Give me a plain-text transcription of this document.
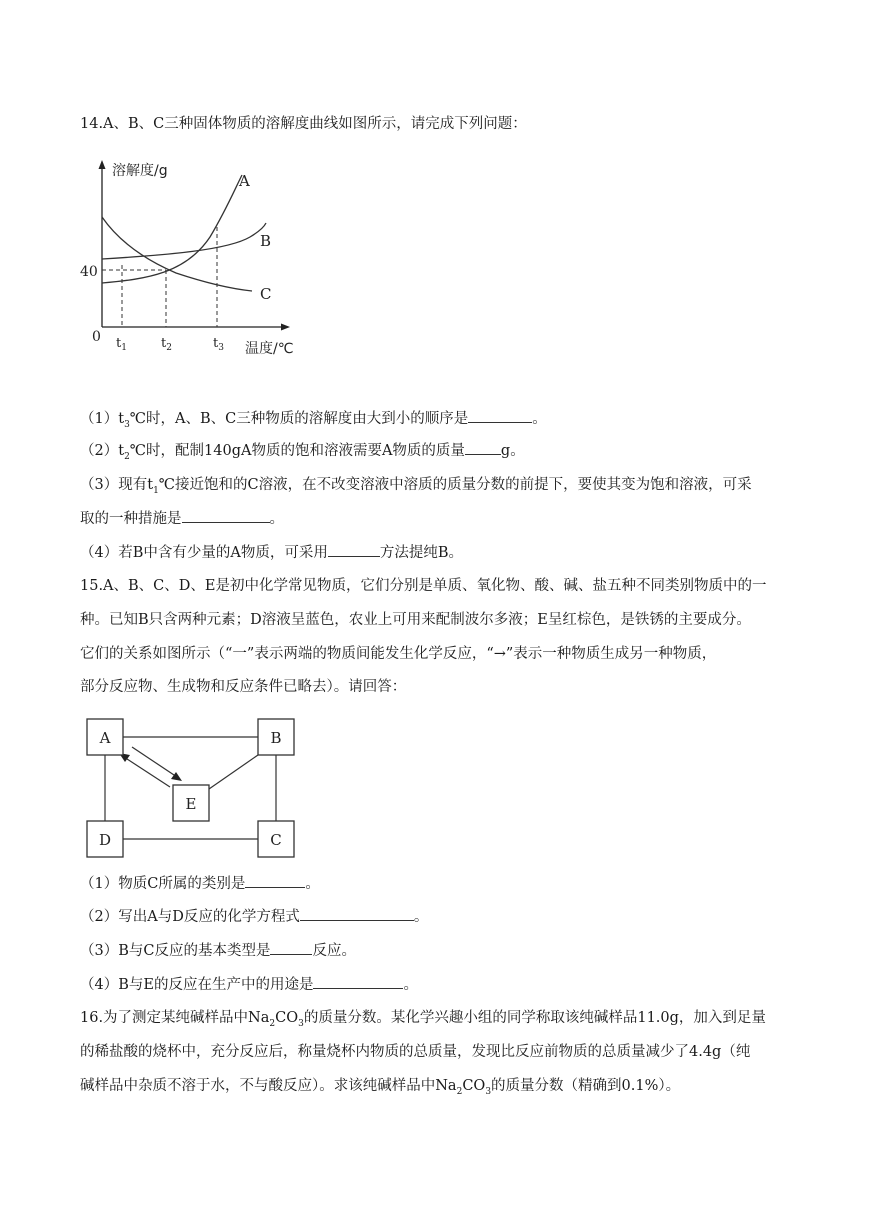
14.A、B、C三种固体物质的溶解度曲线如图所示，请完成下列问题：
溶解度/g
温度/℃
0
40
$t_1$	$t_2$	$t_3$
A
B
C
$(1)t_3℃$时，A、B、C三种物质的溶解度由大到小的顺序是	。
$(2)t_2℃$时，配制140gA物质的饱和溶液需要A物质的质量 g。
（3）现有$t_1℃$接近饱和的C溶液，在不改变溶液中溶质的质量分数的前提下，要使其变为饱和溶液，可采
取的一种措施是	。
（4）若B中含有少量的A物质，可采用	方法提纯B。
15.A、B、C、D、E是初中化学常见物质，它们分别是单质、氧化物、酸、碱、盐五种不同类别物质中的一
种。已知B只含两种元素；D溶液呈蓝色，农业上可用来配制波尔多液；E呈红棕色，是铁锈的主要成分。
它们的关系如图所示（“一”表示两端的物质间能发生化学反应，“→”表示一种物质生成另一种物质，
部分反应物、生成物和反应条件已略去）。请回答：
A	B
E
D	C
（1）物质C所属的类别是	。
（2）写出A与D反应的化学方程式	。
（3）B与C反应的基本类型是	反应。
（4）B与E的反应在生产中的用途是	。
16.为了测定某纯碱样品中$Na_2CO_3$的质量分数。某化学兴趣小组的同学称取该纯碱样品11.0g，加入到足量
的稀盐酸的烧杯中，充分反应后，称量烧杯内物质的总质量，发现比反应前物质的总质量减少了4.4g（纯
碱样品中杂质不溶于水，不与酸反应）。求该纯碱样品中$Na_2CO_3$的质量分数（精确到0.1%）。
